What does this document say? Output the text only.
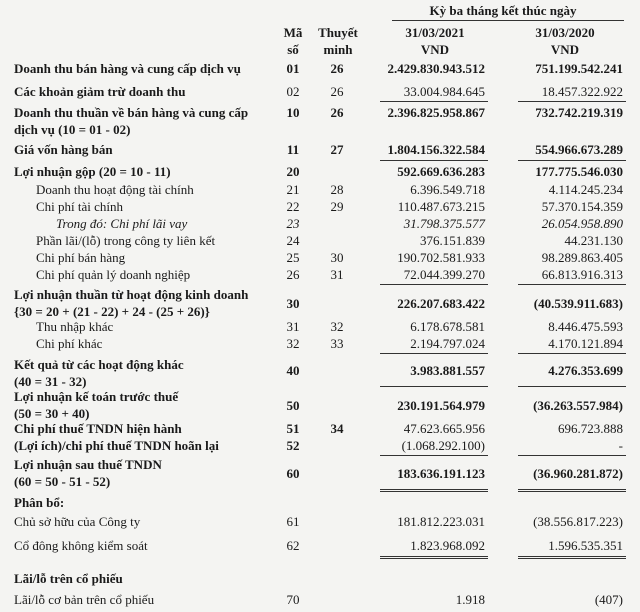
Kỳ ba tháng kết thúc ngày
Mã
số
Thuyết
minh
31/03/2021
VND
31/03/2020
VND
Doanh thu bán hàng và cung cấp dịch vụ	01	26	2.429.830.943.512	751.199.542.241
Các khoản giảm trừ doanh thu	02	26	33.004.984.645	18.457.322.922
Doanh thu thuần về bán hàng và cung cấp
dịch vụ (10 = 01 - 02)
10	26	2.396.825.958.867	732.742.219.319
Giá vốn hàng bán	11	27	1.804.156.322.584	554.966.673.289
Lợi nhuận gộp (20 = 10 - 11)	20	592.669.636.283	177.775.546.030
Doanh thu hoạt động tài chính	21	28	6.396.549.718	4.114.245.234
Chi phí tài chính	22	29	110.487.673.215	57.370.154.359
Trong đó: Chi phí lãi vay	23	31.798.375.577	26.054.958.890
Phần lãi/(lỗ) trong công ty liên kết	24	376.151.839	44.231.130
Chi phí bán hàng	25	30	190.702.581.933	98.289.863.405
Chi phí quản lý doanh nghiệp	26	31	72.044.399.270	66.813.916.313
Lợi nhuận thuần từ hoạt động kinh doanh
{30 = 20 + (21 - 22) + 24 - (25 + 26)}
30	226.207.683.422	(40.539.911.683)
Thu nhập khác	31	32	6.178.678.581	8.446.475.593
Chi phí khác	32	33	2.194.797.024	4.170.121.894
Kết quả từ các hoạt động khác
(40 = 31 - 32)
40	3.983.881.557	4.276.353.699
Lợi nhuận kế toán trước thuế
(50 = 30 + 40)
50	230.191.564.979	(36.263.557.984)
Chi phí thuế TNDN hiện hành	51	34	47.623.665.956	696.723.888
(Lợi ích)/chi phí thuế TNDN hoãn lại	52	(1.068.292.100)	-
Lợi nhuận sau thuế TNDN
(60 = 50 - 51 - 52)
60	183.636.191.123	(36.960.281.872)
Phân bổ:
Chủ sở hữu của Công ty	61	181.812.223.031	(38.556.817.223)
Cổ đông không kiểm soát	62	1.823.968.092	1.596.535.351
Lãi/lỗ trên cổ phiếu
Lãi/lỗ cơ bản trên cổ phiếu	70	1.918	(407)
